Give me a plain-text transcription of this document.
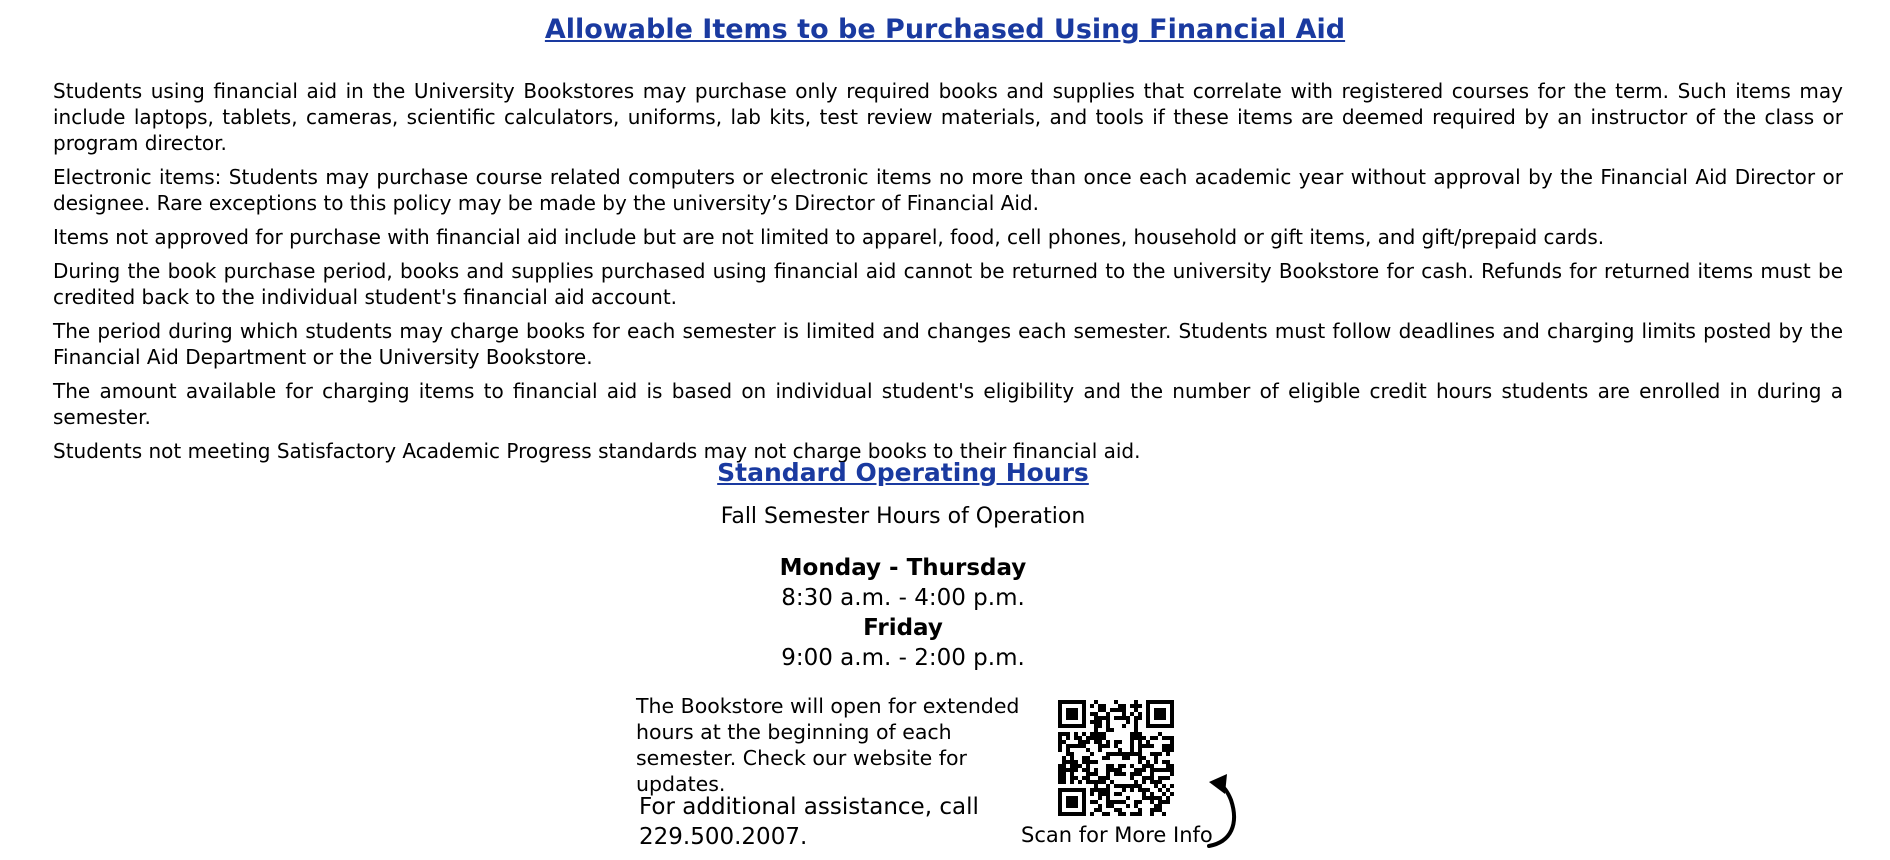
Allowable Items to be Purchased Using Financial Aid

Students using financial aid in the University Bookstores may purchase only required books and supplies that correlate with registered courses for the term. Such items may include laptops, tablets, cameras, scientific calculators, uniforms, lab kits, test review materials, and tools if these items are deemed required by an instructor of the class or program director.

Electronic items: Students may purchase course related computers or electronic items no more than once each academic year without approval by the Financial Aid Director or designee. Rare exceptions to this policy may be made by the university’s Director of Financial Aid.

Items not approved for purchase with financial aid include but are not limited to apparel, food, cell phones, household or gift items, and gift/prepaid cards.

During the book purchase period, books and supplies purchased using financial aid cannot be returned to the university Bookstore for cash. Refunds for returned items must be credited back to the individual student's financial aid account.

The period during which students may charge books for each semester is limited and changes each semester. Students must follow deadlines and charging limits posted by the Financial Aid Department or the University Bookstore.

The amount available for charging items to financial aid is based on individual student's eligibility and the number of eligible credit hours students are enrolled in during a semester.

Students not meeting Satisfactory Academic Progress standards may not charge books to their financial aid.

Standard Operating Hours
Fall Semester Hours of Operation
Monday - Thursday
8:30 a.m. - 4:00 p.m.
Friday
9:00 a.m. - 2:00 p.m.
The Bookstore will open for extended hours at the beginning of each semester. Check our website for updates.
For additional assistance, call 229.500.2007.	Scan for More Info
